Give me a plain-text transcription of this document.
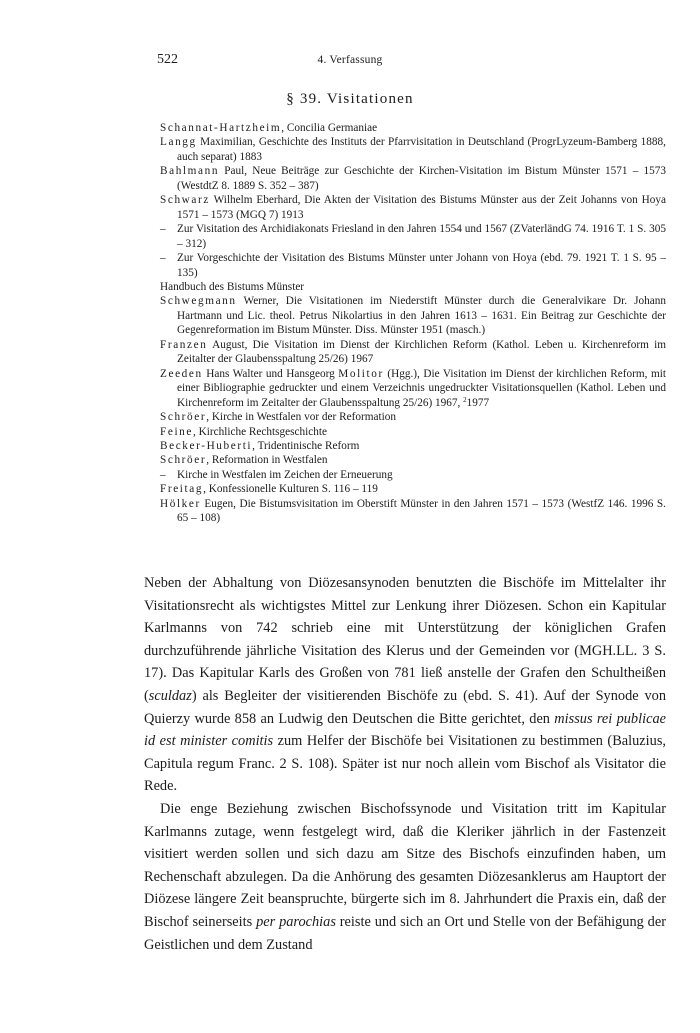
522	4. Verfassung
§ 39. Visitationen

Schannat-Hartzheim, Concilia Germaniae

Langg Maximilian, Geschichte des Instituts der Pfarrvisitation in Deutschland (ProgrLyzeum-Bamberg 1888, auch separat) 1883

Bahlmann Paul, Neue Beiträge zur Geschichte der Kirchen-Visitation im Bistum Münster 1571 – 1573 (WestdtZ 8. 1889 S. 352 – 387)

Schwarz Wilhelm Eberhard, Die Akten der Visitation des Bistums Münster aus der Zeit Johanns von Hoya 1571 – 1573 (MGQ 7) 1913

– Zur Visitation des Archidiakonats Friesland in den Jahren 1554 und 1567 (ZVaterländG 74. 1916 T. 1 S. 305 – 312)

– Zur Vorgeschichte der Visitation des Bistums Münster unter Johann von Hoya (ebd. 79. 1921 T. 1 S. 95 – 135)

Handbuch des Bistums Münster

Schwegmann Werner, Die Visitationen im Niederstift Münster durch die Generalvikare Dr. Johann Hartmann und Lic. theol. Petrus Nikolartius in den Jahren 1613 – 1631. Ein Beitrag zur Geschichte der Gegenreformation im Bistum Münster. Diss. Münster 1951 (masch.)

Franzen August, Die Visitation im Dienst der Kirchlichen Reform (Kathol. Leben u. Kirchenreform im Zeitalter der Glaubensspaltung 25/26) 1967

Zeeden Hans Walter und Hansgeorg Molitor (Hgg.), Die Visitation im Dienst der kirchlichen Reform, mit einer Bibliographie gedruckter und einem Verzeichnis ungedruckter Visitationsquellen (Kathol. Leben und Kirchenreform im Zeitalter der Glaubensspaltung 25/26) 1967, $^2$1977

Schröer, Kirche in Westfalen vor der Reformation

Feine, Kirchliche Rechtsgeschichte

Becker-Huberti, Tridentinische Reform

Schröer, Reformation in Westfalen

– Kirche in Westfalen im Zeichen der Erneuerung

Freitag, Konfessionelle Kulturen S. 116 – 119

Hölker Eugen, Die Bistumsvisitation im Oberstift Münster in den Jahren 1571 – 1573 (WestfZ 146. 1996 S. 65 – 108)

Neben der Abhaltung von Diözesansynoden benutzten die Bischöfe im Mittelalter ihr Visitationsrecht als wichtigstes Mittel zur Lenkung ihrer Diözesen. Schon ein Kapitular Karlmanns von 742 schrieb eine mit Unterstützung der königlichen Grafen durchzuführende jährliche Visitation des Klerus und der Gemeinden vor (MGH.LL. 3 S. 17). Das Kapitular Karls des Großen von 781 ließ anstelle der Grafen den Schultheißen (sculdaz) als Begleiter der visitierenden Bischöfe zu (ebd. S. 41). Auf der Synode von Quierzy wurde 858 an Ludwig den Deutschen die Bitte gerichtet, den missus rei publicae id est minister comitis zum Helfer der Bischöfe bei Visitationen zu bestimmen (Baluzius, Capitula regum Franc. 2 S. 108). Später ist nur noch allein vom Bischof als Visitator die Rede.

Die enge Beziehung zwischen Bischofssynode und Visitation tritt im Kapitular Karlmanns zutage, wenn festgelegt wird, daß die Kleriker jährlich in der Fastenzeit visitiert werden sollen und sich dazu am Sitze des Bischofs einzufinden haben, um Rechenschaft abzulegen. Da die Anhörung des gesamten Diözesanklerus am Hauptort der Diözese längere Zeit beanspruchte, bürgerte sich im 8. Jahrhundert die Praxis ein, daß der Bischof seinerseits per parochias reiste und sich an Ort und Stelle von der Befähigung der Geistlichen und dem Zustand
